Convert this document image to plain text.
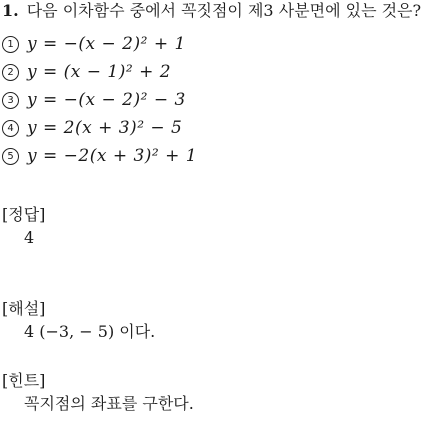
1. 다음 이차함수 중에서 꼭짓점이 제3 사분면에 있는 것은?
1 y = −(x − 2)² + 1
2 y = (x − 1)² + 2
3 y = −(x − 2)² − 3
4 y = 2(x + 3)² − 5
5 y = −2(x + 3)² + 1
[정답]
4
[해설]
4 (−3, − 5) 이다.
[힌트]
꼭지점의 좌표를 구한다.
